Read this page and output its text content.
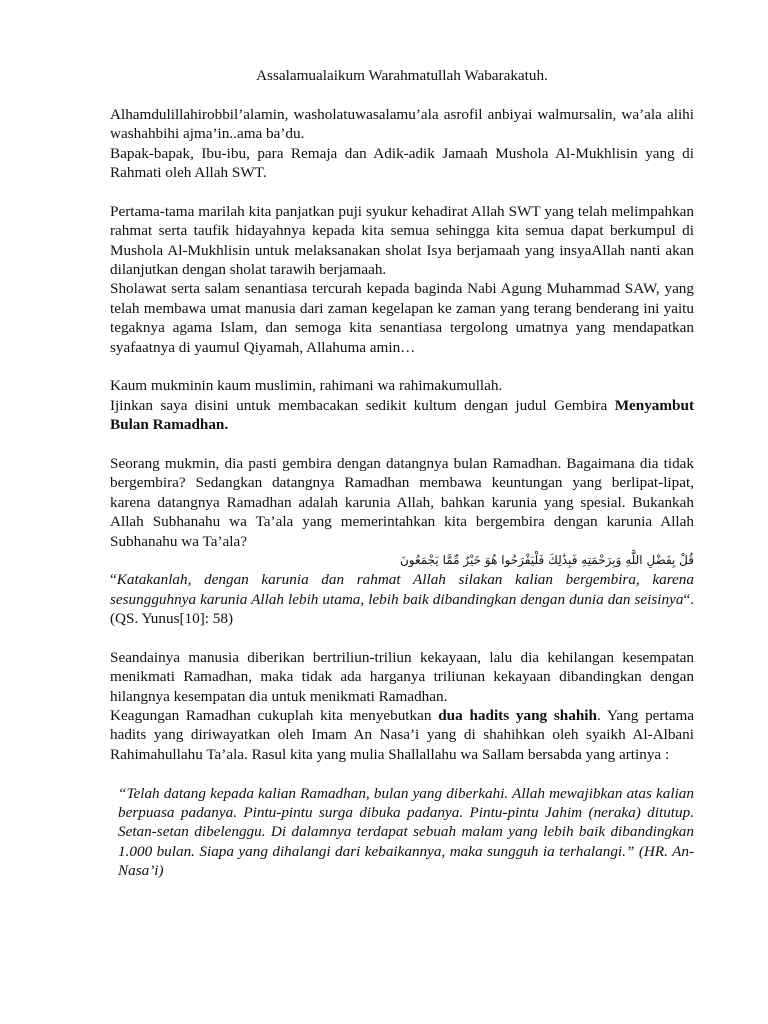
Assalamualaikum Warahmatullah Wabarakatuh.

Alhamdulillahirobbil’alamin, washolatuwasalamu’ala asrofil anbiyai walmursalin, wa’ala alihi washahbihi ajma’in..ama ba’du.

Bapak-bapak, Ibu-ibu, para Remaja dan Adik-adik Jamaah Mushola Al-Mukhlisin yang di Rahmati oleh Allah SWT.

Pertama-tama marilah kita panjatkan puji syukur kehadirat Allah SWT yang telah melimpahkan rahmat serta taufik hidayahnya kepada kita semua sehingga kita semua dapat berkumpul di Mushola Al-Mukhlisin untuk melaksanakan sholat Isya berjamaah yang insyaAllah nanti akan dilanjutkan dengan sholat tarawih berjamaah.

Sholawat serta salam senantiasa tercurah kepada baginda Nabi Agung Muhammad SAW, yang telah membawa umat manusia dari zaman kegelapan ke zaman yang terang benderang ini yaitu tegaknya agama Islam, dan semoga kita senantiasa tergolong umatnya yang mendapatkan syafaatnya di yaumul Qiyamah, Allahuma amin…

Kaum mukminin kaum muslimin, rahimani wa rahimakumullah.

Ijinkan saya disini untuk membacakan sedikit kultum dengan judul Gembira Menyambut Bulan Ramadhan.

Seorang mukmin, dia pasti gembira dengan datangnya bulan Ramadhan. Bagaimana dia tidak bergembira? Sedangkan datangnya Ramadhan membawa keuntungan yang berlipat-lipat, karena datangnya Ramadhan adalah karunia Allah, bahkan karunia yang spesial. Bukankah Allah Subhanahu wa Ta’ala yang memerintahkan kita bergembira dengan karunia Allah Subhanahu wa Ta’ala?

قُلْ بِفَضْلِ اللَّهِ وَبِرَحْمَتِهِ فَبِذَٰلِكَ فَلْيَفْرَحُوا هُوَ خَيْرٌ مِّمَّا يَجْمَعُونَ

“Katakanlah, dengan karunia dan rahmat Allah silakan kalian bergembira, karena sesungguhnya karunia Allah lebih utama, lebih baik dibandingkan dengan dunia dan seisinya“. (QS. Yunus[10]: 58)

Seandainya manusia diberikan bertriliun-triliun kekayaan, lalu dia kehilangan kesempatan menikmati Ramadhan, maka tidak ada harganya triliunan kekayaan dibandingkan dengan hilangnya kesempatan dia untuk menikmati Ramadhan.

Keagungan Ramadhan cukuplah kita menyebutkan dua hadits yang shahih. Yang pertama hadits yang diriwayatkan oleh Imam An Nasa’i yang di shahihkan oleh syaikh Al-Albani Rahimahullahu Ta’ala. Rasul kita yang mulia Shallallahu wa Sallam bersabda yang artinya :

“Telah datang kepada kalian Ramadhan, bulan yang diberkahi. Allah mewajibkan atas kalian berpuasa padanya. Pintu-pintu surga dibuka padanya. Pintu-pintu Jahim (neraka) ditutup. Setan-setan dibelenggu. Di dalamnya terdapat sebuah malam yang lebih baik dibandingkan 1.000 bulan. Siapa yang dihalangi dari kebaikannya, maka sungguh ia terhalangi.” (HR. An-Nasa’i)
